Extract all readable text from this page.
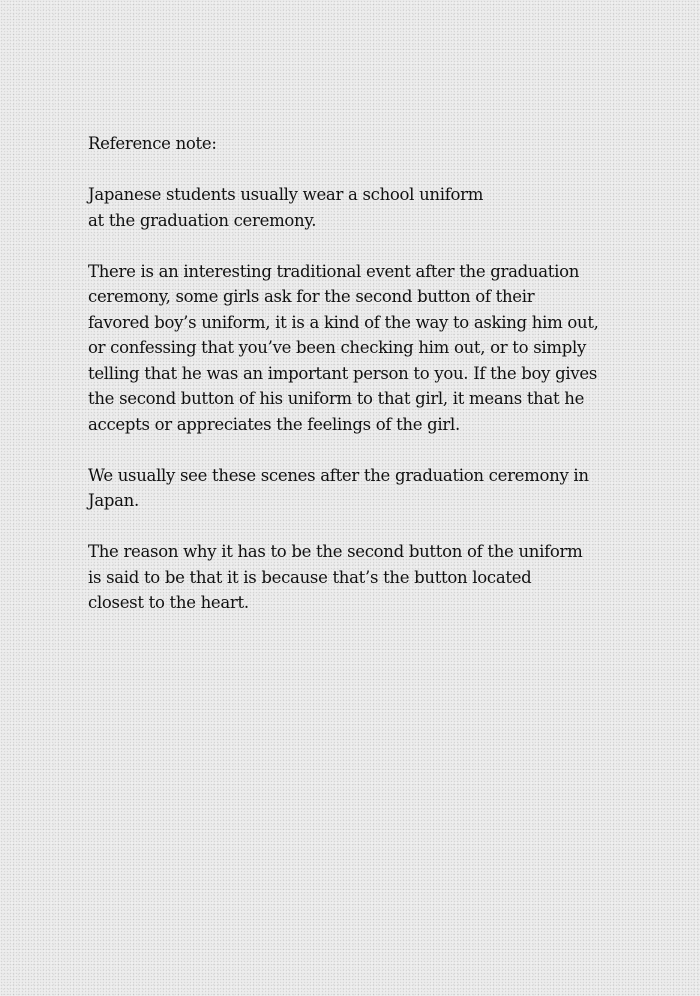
Reference note:

Japanese students usually wear a school uniform
at the graduation ceremony.

There is an interesting traditional event after the graduation
ceremony, some girls ask for the second button of their
favored boy’s uniform, it is a kind of the way to asking him out,
or confessing that you’ve been checking him out, or to simply
telling that he was an important person to you. If the boy gives
the second button of his uniform to that girl, it means that he
accepts or appreciates the feelings of the girl.

We usually see these scenes after the graduation ceremony in
Japan.

The reason why it has to be the second button of the uniform
is said to be that it is because that’s the button located
closest to the heart.
